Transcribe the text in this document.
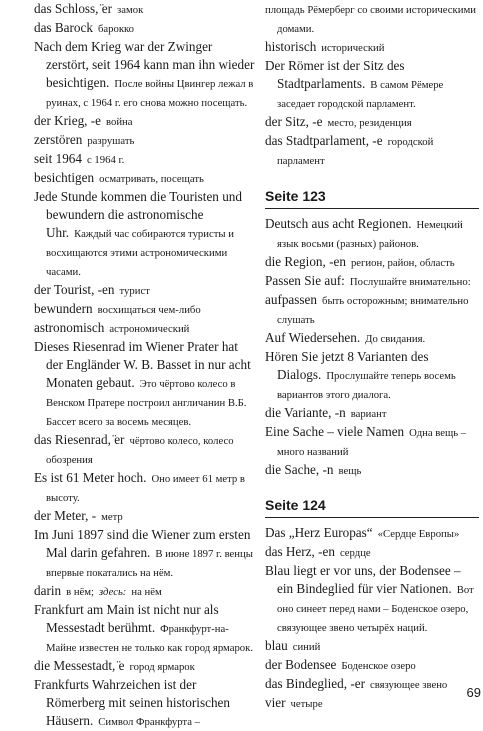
das Schloss, ̈er замок

das Barock барокко

Nach dem Krieg war der Zwinger zerstört, seit 1964 kann man ihn wieder besichtigen. После войны Цвингер лежал в руинах, с 1964 г. его снова можно посещать.

der Krieg, -e война

zerstören разрушать

seit 1964 с 1964 г.

besichtigen осматривать, посещать

Jede Stunde kommen die Touristen und bewundern die astronomische Uhr. Каждый час собираются туристы и восхищаются этими астрономическими часами.

der Tourist, -en турист

bewundern восхищаться чем-либо

astronomisch астрономический

Dieses Riesenrad im Wiener Prater hat der Engländer W. B. Basset in nur acht Monaten gebaut. Это чёртово колесо в Венском Пратере построил англичанин В.Б. Бассет всего за восемь месяцев.

das Riesenrad, ̈er чёртово колесо, колесо обозрения

Es ist 61 Meter hoch. Оно имеет 61 метр в высоту.

der Meter, - метр

Im Juni 1897 sind die Wiener zum ersten Mal darin gefahren. В июне 1897 г. венцы впервые покатались на нём.

darin в нём; здесь: на нём

Frankfurt am Main ist nicht nur als Messestadt berühmt. Франкфурт-на-Майне известен не только как город ярмарок.

die Messestadt, ̈e город ярмарок

Frankfurts Wahrzeichen ist der Römerberg mit seinen historischen Häusern. Символ Франкфурта –

площадь Рёмерберг со своими историческими домами.

historisch исторический

Der Römer ist der Sitz des Stadtparlaments. В самом Рёмере заседает городской парламент.

der Sitz, -e место, резиденция

das Stadtparlament, -e городской парламент

Seite 123

Deutsch aus acht Regionen. Немецкий язык восьми (разных) районов.

die Region, -en регион, район, область

Passen Sie auf: Послушайте внимательно:

aufpassen быть осторожным; внимательно слушать

Auf Wiedersehen. До свидания.

Hören Sie jetzt 8 Varianten des Dialogs. Прослушайте теперь восемь вариантов этого диалога.

die Variante, -n вариант

Eine Sache – viele Namen Одна вещь – много названий

die Sache, -n вещь

Seite 124

Das „Herz Europas“ «Сердце Европы»

das Herz, -en сердце

Blau liegt er vor uns, der Bodensee – ein Bindeglied für vier Nationen. Вот оно синеет перед нами – Боденское озеро, связующее звено четырёх наций.

blau синий

der Bodensee Боденское озеро

das Bindeglied, -er связующее звено

vier четыре

69
